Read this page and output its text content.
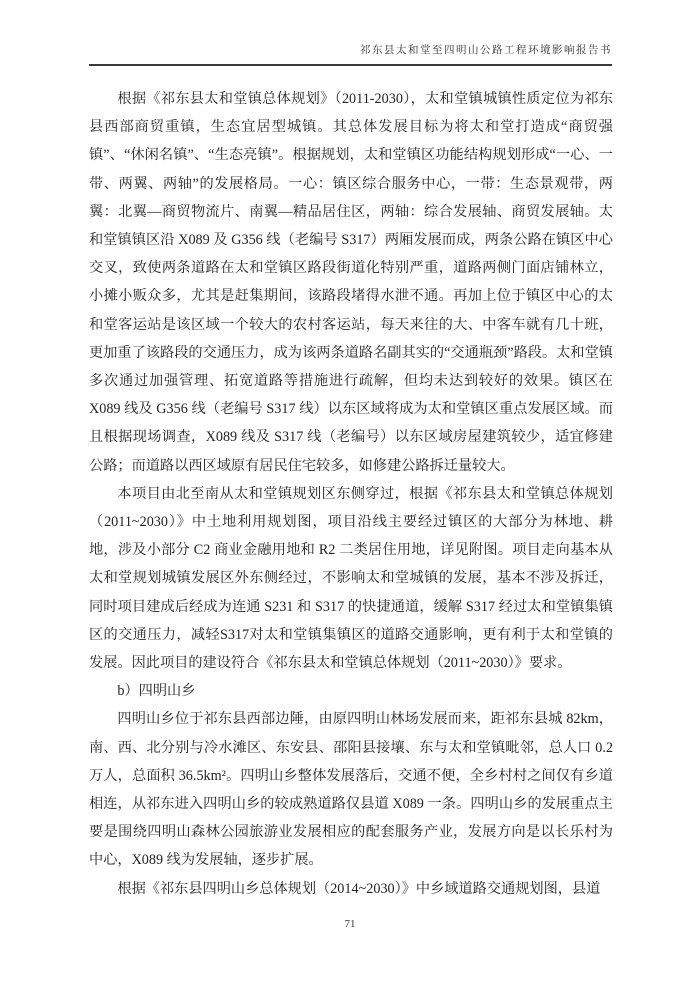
祁东县太和堂至四明山公路工程环境影响报告书

根据《祁东县太和堂镇总体规划》（2011-2030），太和堂镇城镇性质定位为祁东县西部商贸重镇，生态宜居型城镇。其总体发展目标为将太和堂打造成“商贸强镇”、“休闲名镇”、“生态亮镇”。根据规划，太和堂镇区功能结构规划形成“一心、一带、两翼、两轴”的发展格局。一心：镇区综合服务中心，一带：生态景观带，两翼：北翼—商贸物流片、南翼—精品居住区，两轴：综合发展轴、商贸发展轴。太和堂镇镇区沿 X089 及 G356 线（老编号 S317）两厢发展而成，两条公路在镇区中心交叉，致使两条道路在太和堂镇区路段街道化特别严重，道路两侧门面店铺林立，小摊小贩众多，尤其是赶集期间，该路段堵得水泄不通。再加上位于镇区中心的太和堂客运站是该区域一个较大的农村客运站，每天来往的大、中客车就有几十班，更加重了该路段的交通压力，成为该两条道路名副其实的“交通瓶颈”路段。太和堂镇多次通过加强管理、拓宽道路等措施进行疏解，但均未达到较好的效果。镇区在 X089 线及 G356 线（老编号 S317 线）以东区域将成为太和堂镇区重点发展区域。而且根据现场调查，X089 线及 S317 线（老编号）以东区域房屋建筑较少，适宜修建公路；而道路以西区域原有居民住宅较多，如修建公路拆迁量较大。

本项目由北至南从太和堂镇规划区东侧穿过，根据《祁东县太和堂镇总体规划（2011~2030）》中土地利用规划图，项目沿线主要经过镇区的大部分为林地、耕地，涉及小部分 C2 商业金融用地和 R2 二类居住用地，详见附图。项目走向基本从太和堂规划城镇发展区外东侧经过，不影响太和堂城镇的发展，基本不涉及拆迁，同时项目建成后经成为连通 S231 和 S317 的快捷通道，缓解 S317 经过太和堂镇集镇区的交通压力，减轻S317对太和堂镇集镇区的道路交通影响，更有利于太和堂镇的发展。因此项目的建设符合《祁东县太和堂镇总体规划（2011~2030）》要求。

b）四明山乡

四明山乡位于祁东县西部边陲，由原四明山林场发展而来，距祁东县城 82km，南、西、北分别与冷水滩区、东安县、邵阳县接壤、东与太和堂镇毗邻，总人口 0.2万人，总面积 36.5km²。四明山乡整体发展落后，交通不便，全乡村村之间仅有乡道相连，从祁东进入四明山乡的较成熟道路仅县道 X089 一条。四明山乡的发展重点主要是围绕四明山森林公园旅游业发展相应的配套服务产业，发展方向是以长乐村为中心，X089 线为发展轴，逐步扩展。

根据《祁东县四明山乡总体规划（2014~2030）》中乡域道路交通规划图，县道

71
